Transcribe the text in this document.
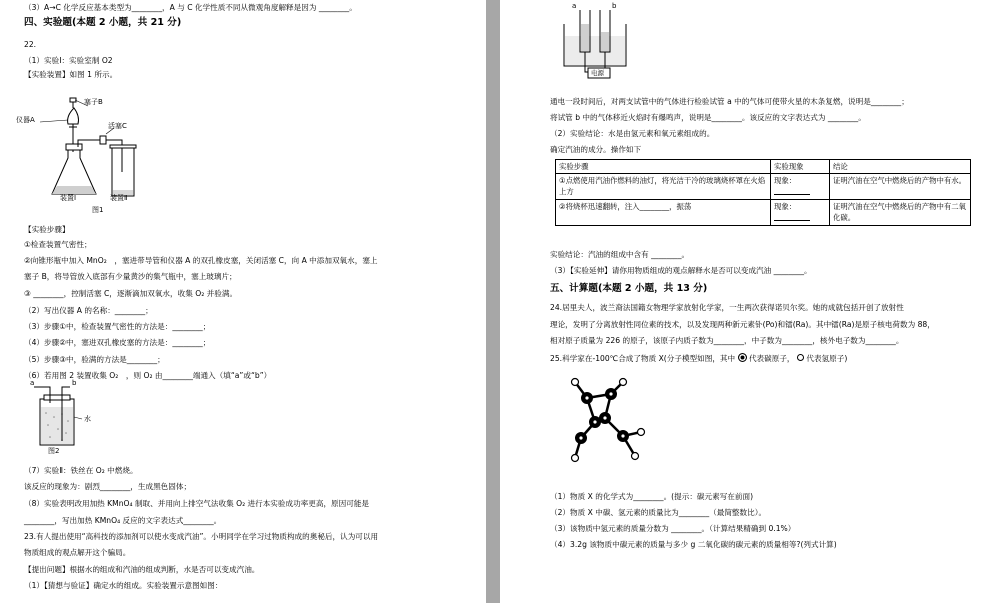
（3）A→C 化学反应基本类型为________，A 与 C 化学性质不同从微观角度解释是因为 ________。
四、实验题(本题 2 小题，共 21 分)
22.
（1）实验Ⅰ：实验室制 O2
【实验装置】如图 1 所示。
仪器A
塞子B
活塞C
装置Ⅰ	装置Ⅱ
图1
【实验步骤】
①检查装置气密性；
②向锥形瓶中加入 MnO₂　，塞进带导管和仪器 A 的双孔橡皮塞，关闭活塞 C，向 A 中添加双氧水，塞上
塞子 B，将导管放入底部有少量黄沙的集气瓶中，塞上玻璃片；
③ ________，控制活塞 C，逐渐滴加双氧水，收集 O₂ 并验满。
（2）写出仪器 A 的名称：________；
（3）步骤①中，检查装置气密性的方法是：________；
（4）步骤②中，塞进双孔橡皮塞的方法是：________；
（5）步骤③中，验满的方法是________；
（6）若用图 2 装置收集 O₂　，则 O₂ 由________端通入（填“a”或“b”）
a	b
水
图2
（7）实验Ⅱ：铁丝在 O₂ 中燃烧。
该反应的现象为：剧烈________，生成黑色固体；
（8）实验表明改用加热 KMnO₄ 制取、并用向上排空气法收集 O₂ 进行本实验成功率更高，原因可能是
________，写出加热 KMnO₄ 反应的文字表达式________。
23.有人提出使用“高科技的添加剂可以使水变成汽油”。小明同学在学习过物质构成的奥秘后，认为可以用
物质组成的观点解开这个骗局。
【提出问题】根据水的组成和汽油的组成判断，水是否可以变成汽油。
（1）【猜想与验证】确定水的组成。实验装置示意图如图：
a	b
电源
通电一段时间后，对两支试管中的气体进行检验试管 a 中的气体可使带火星的木条复燃，说明是________；
将试管 b 中的气体移近火焰时有爆鸣声，说明是________。该反应的文字表达式为 ________。
（2）实验结论：水是由氢元素和氧元素组成的。
确定汽油的成分。操作如下
实验步骤	实验现象	结论
①点燃使用汽油作燃料的油灯，将光洁干冷的玻璃烧杯罩在火焰上方	现象：	证明汽油在空气中燃烧后的产物中有水。
②将烧杯迅速翻转，注入________，振荡	现象：	证明汽油在空气中燃烧后的产物中有二氧化碳。
实验结论：汽油的组成中含有 ________。
（3）【实验延伸】请你用物质组成的观点解释水是否可以变成汽油 ________。
五、计算题(本题 2 小题，共 13 分)
24.居里夫人，波兰裔法国籍女物理学家放射化学家，一生两次获得诺贝尔奖。她的成就包括开创了放射性
理论，发明了分离放射性同位素的技术，以及发现两种新元素钋(Po)和镭(Ra)。其中镭(Ra)是原子核电荷数为 88，
相对原子质量为 226 的原子，该原子内质子数为________，中子数为________，核外电子数为________。
25.科学家在-100℃合成了物质 X(分子模型如图，其中 代表碳原子， 代表氢原子)
（1）物质 X 的化学式为________。(提示：碳元素写在前面)
（2）物质 X 中碳、氢元素的质量比为________（最简整数比）。
（3）该物质中氢元素的质量分数为 ________。（计算结果精确到 0.1%）
（4）3.2g 该物质中碳元素的质量与多少 g 二氧化碳的碳元素的质量相等?(列式计算)
